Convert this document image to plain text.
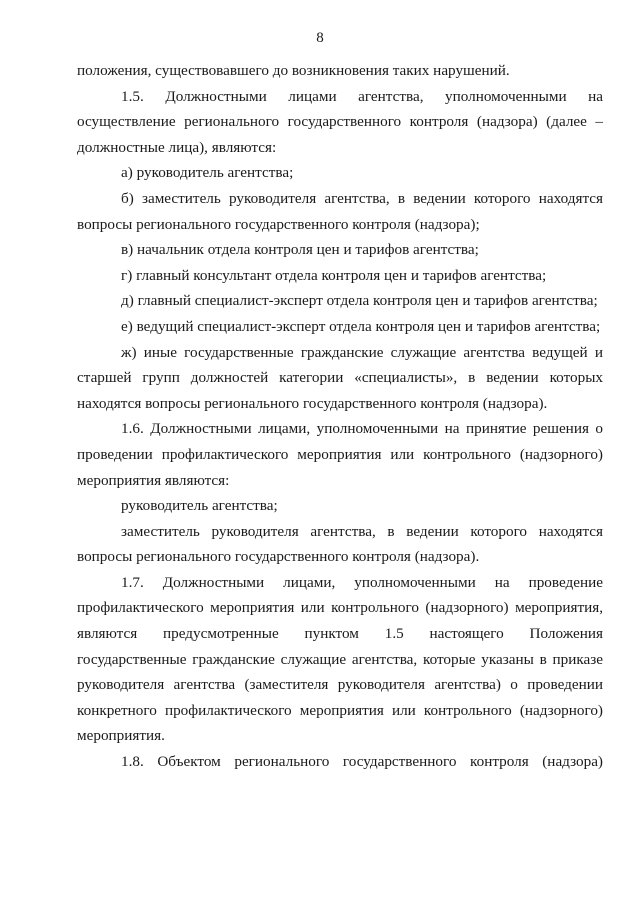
8

положения, существовавшего до возникновения таких нарушений.

1.5. Должностными лицами агентства, уполномоченными на осуществление регионального государственного контроля (надзора) (далее – должностные лица), являются:

а) руководитель агентства;

б) заместитель руководителя агентства, в ведении которого находятся вопросы регионального государственного контроля (надзора);

в) начальник отдела контроля цен и тарифов агентства;

г) главный консультант отдела контроля цен и тарифов агентства;

д) главный специалист-эксперт отдела контроля цен и тарифов агентства;

е) ведущий специалист-эксперт отдела контроля цен и тарифов агентства;

ж) иные государственные гражданские служащие агентства ведущей и старшей групп должностей категории «специалисты», в ведении которых находятся вопросы регионального государственного контроля (надзора).

1.6. Должностными лицами, уполномоченными на принятие решения о проведении профилактического мероприятия или контрольного (надзорного) мероприятия являются:

руководитель агентства;

заместитель руководителя агентства, в ведении которого находятся вопросы регионального государственного контроля (надзора).

1.7. Должностными лицами, уполномоченными на проведение профилактического мероприятия или контрольного (надзорного) мероприятия, являются предусмотренные пунктом 1.5 настоящего Положения государственные гражданские служащие агентства, которые указаны в приказе руководителя агентства (заместителя руководителя агентства) о проведении конкретного профилактического мероприятия или контрольного (надзорного) мероприятия.

1.8. Объектом регионального государственного контроля (надзора)
